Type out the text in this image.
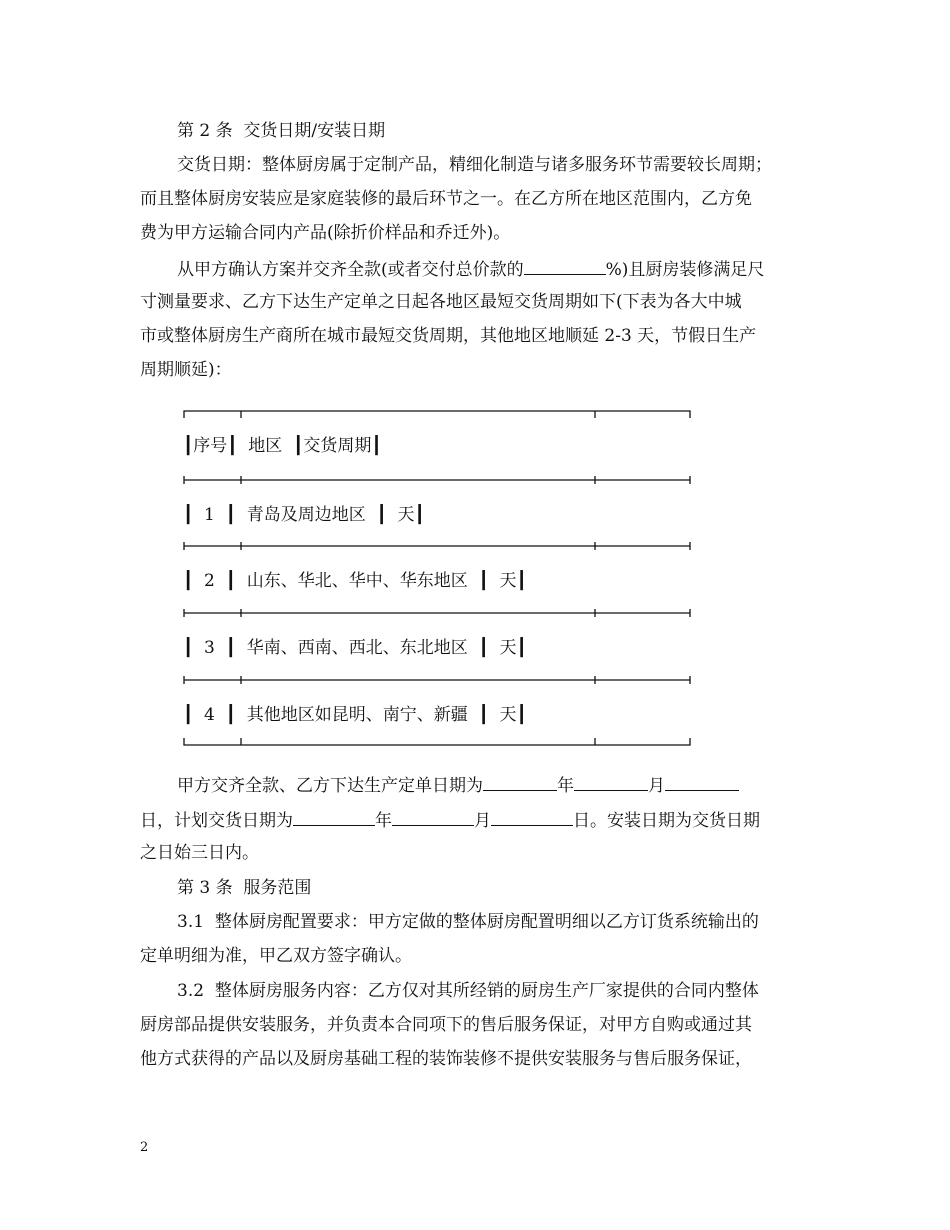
第 2 条  交货日期/安装日期
交货日期：整体厨房属于定制产品，精细化制造与诸多服务环节需要较长周期；
而且整体厨房安装应是家庭装修的最后环节之一。在乙方所在地区范围内，乙方免
费为甲方运输合同内产品(除折价样品和乔迁外)。
从甲方确认方案并交齐全款(或者交付总价款的	%)且厨房装修满足尺
寸测量要求、乙方下达生产定单之日起各地区最短交货周期如下(下表为各大中城
市或整体厨房生产商所在城市最短交货周期，其他地区地顺延 2-3 天，节假日生产
周期顺延)：
┃序号┃  地区  ┃交货周期┃
┃  1  ┃  青岛及周边地区  ┃  天┃
┃  2  ┃  山东、华北、华中、华东地区  ┃  天┃
┃  3  ┃  华南、西南、西北、东北地区  ┃  天┃
┃  4  ┃  其他地区如昆明、南宁、新疆  ┃  天┃
甲方交齐全款、乙方下达生产定单日期为	年	月
日，计划交货日期为	年	月	日。安装日期为交货日期
之日始三日内。
第 3 条  服务范围
3.1  整体厨房配置要求：甲方定做的整体厨房配置明细以乙方订货系统输出的
定单明细为准，甲乙双方签字确认。
3.2  整体厨房服务内容：乙方仅对其所经销的厨房生产厂家提供的合同内整体
厨房部品提供安装服务，并负责本合同项下的售后服务保证，对甲方自购或通过其
他方式获得的产品以及厨房基础工程的装饰装修不提供安装服务与售后服务保证，
2
